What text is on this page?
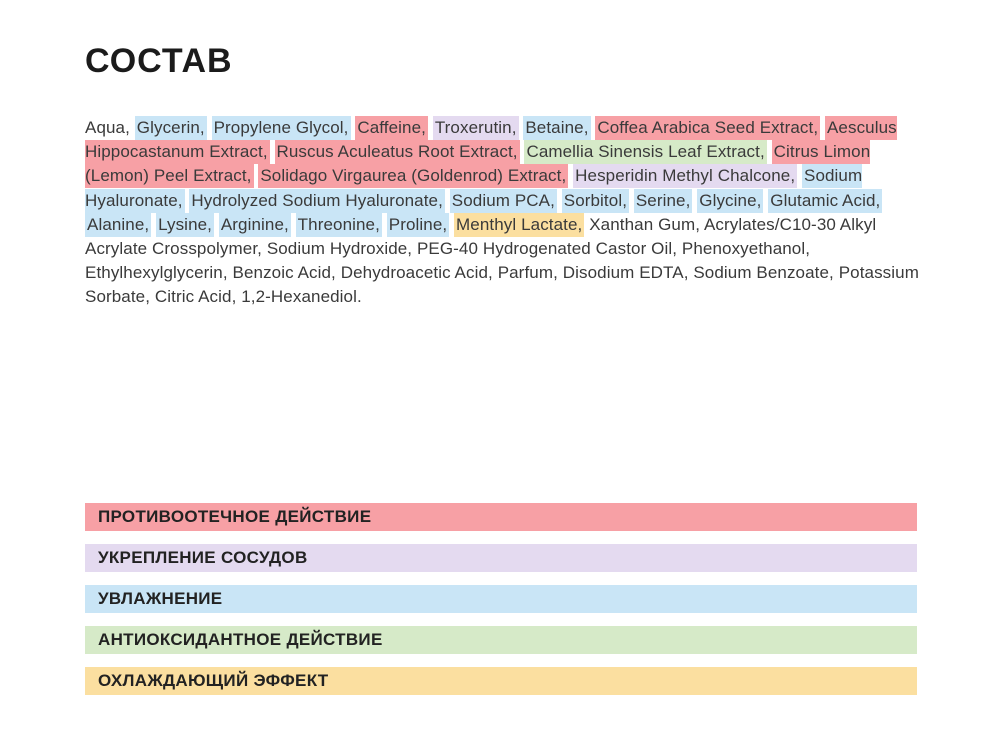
СОСТАВ

Aqua, Glycerin, Propylene Glycol, Caffeine, Troxerutin, Betaine, Coffea Arabica Seed Extract, Aesculus Hippocastanum Extract, Ruscus Aculeatus Root Extract, Camellia Sinensis Leaf Extract, Citrus Limon (Lemon) Peel Extract, Solidago Virgaurea (Goldenrod) Extract, Hesperidin Methyl Chalcone, Sodium Hyaluronate, Hydrolyzed Sodium Hyaluronate, Sodium PCA, Sorbitol, Serine, Glycine, Glutamic Acid, Alanine, Lysine, Arginine, Threonine, Proline, Menthyl Lactate, Xanthan Gum, Acrylates/C10-30 Alkyl Acrylate Crosspolymer, Sodium Hydroxide, PEG-40 Hydrogenated Castor Oil, Phenoxyethanol, Ethylhexylglycerin, Benzoic Acid, Dehydroacetic Acid, Parfum, Disodium EDTA, Sodium Benzoate, Potassium Sorbate, Citric Acid, 1,2-Hexanediol.

ПРОТИВООТЕЧНОЕ ДЕЙСТВИЕ
УКРЕПЛЕНИЕ СОСУДОВ
УВЛАЖНЕНИЕ
АНТИОКСИДАНТНОЕ ДЕЙСТВИЕ
ОХЛАЖДАЮЩИЙ ЭФФЕКТ
